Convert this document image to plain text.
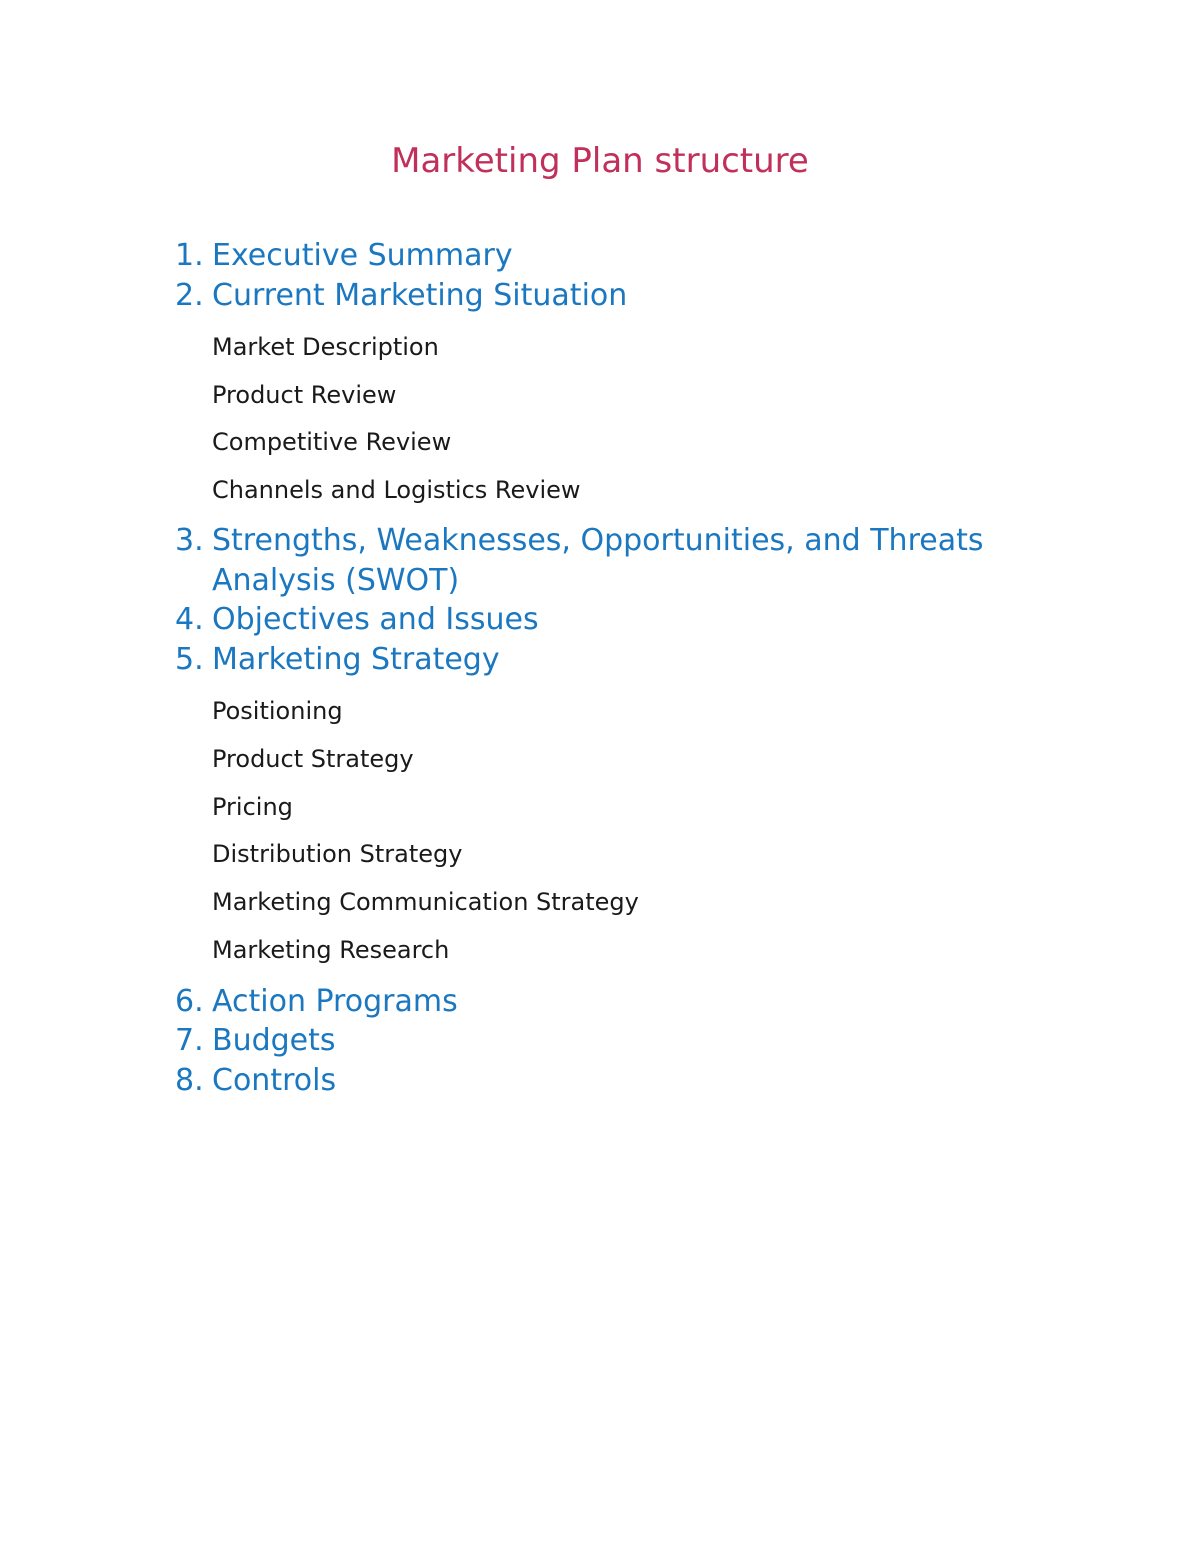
Marketing Plan structure
1. Executive Summary
2. Current Marketing Situation
Market Description
Product Review
Competitive Review
Channels and Logistics Review
3. Strengths, Weaknesses, Opportunities, and Threats
Analysis (SWOT)
4. Objectives and Issues
5. Marketing Strategy
Positioning
Product Strategy
Pricing
Distribution Strategy
Marketing Communication Strategy
Marketing Research
6. Action Programs
7. Budgets
8. Controls
